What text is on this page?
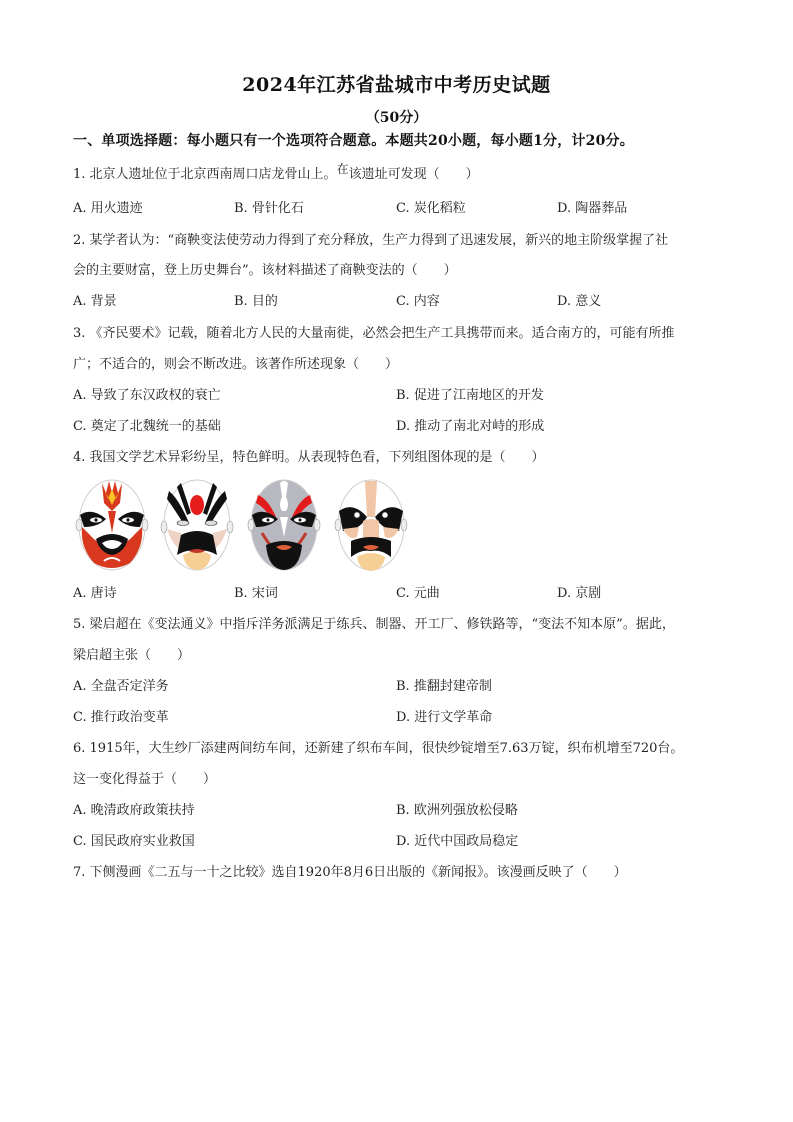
2024年江苏省盐城市中考历史试题
（50分）
一、单项选择题：每小题只有一个选项符合题意。本题共20小题，每小题1分，计20分。
1. 北京人遗址位于北京西南周口店龙骨山上。在该遗址可发现（　　）
A. 用火遗迹	B. 骨针化石	C. 炭化稻粒	D. 陶器葬品
2. 某学者认为：“商鞅变法使劳动力得到了充分释放，生产力得到了迅速发展，新兴的地主阶级掌握了社
会的主要财富，登上历史舞台”。该材料描述了商鞅变法的（　　）
A. 背景	B. 目的	C. 内容	D. 意义
3. 《齐民要术》记载，随着北方人民的大量南徙，必然会把生产工具携带而来。适合南方的，可能有所推
广；不适合的，则会不断改进。该著作所述现象（　　）
A. 导致了东汉政权的衰亡	B. 促进了江南地区的开发
C. 奠定了北魏统一的基础	D. 推动了南北对峙的形成
4. 我国文学艺术异彩纷呈，特色鲜明。从表现特色看，下列组图体现的是（　　）
A. 唐诗	B. 宋词	C. 元曲	D. 京剧
5. 梁启超在《变法通义》中指斥洋务派满足于练兵、制器、开工厂、修铁路等，“变法不知本原”。据此，
梁启超主张（　　）
A. 全盘否定洋务	B. 推翻封建帝制
C. 推行政治变革	D. 进行文学革命
6. 1915年，大生纱厂添建两间纺车间，还新建了织布车间，很快纱锭增至7.63万锭，织布机增至720台。
这一变化得益于（　　）
A. 晚清政府政策扶持	B. 欧洲列强放松侵略
C. 国民政府实业救国	D. 近代中国政局稳定
7. 下侧漫画《二五与一十之比较》选自1920年8月6日出版的《新闻报》。该漫画反映了（　　）
